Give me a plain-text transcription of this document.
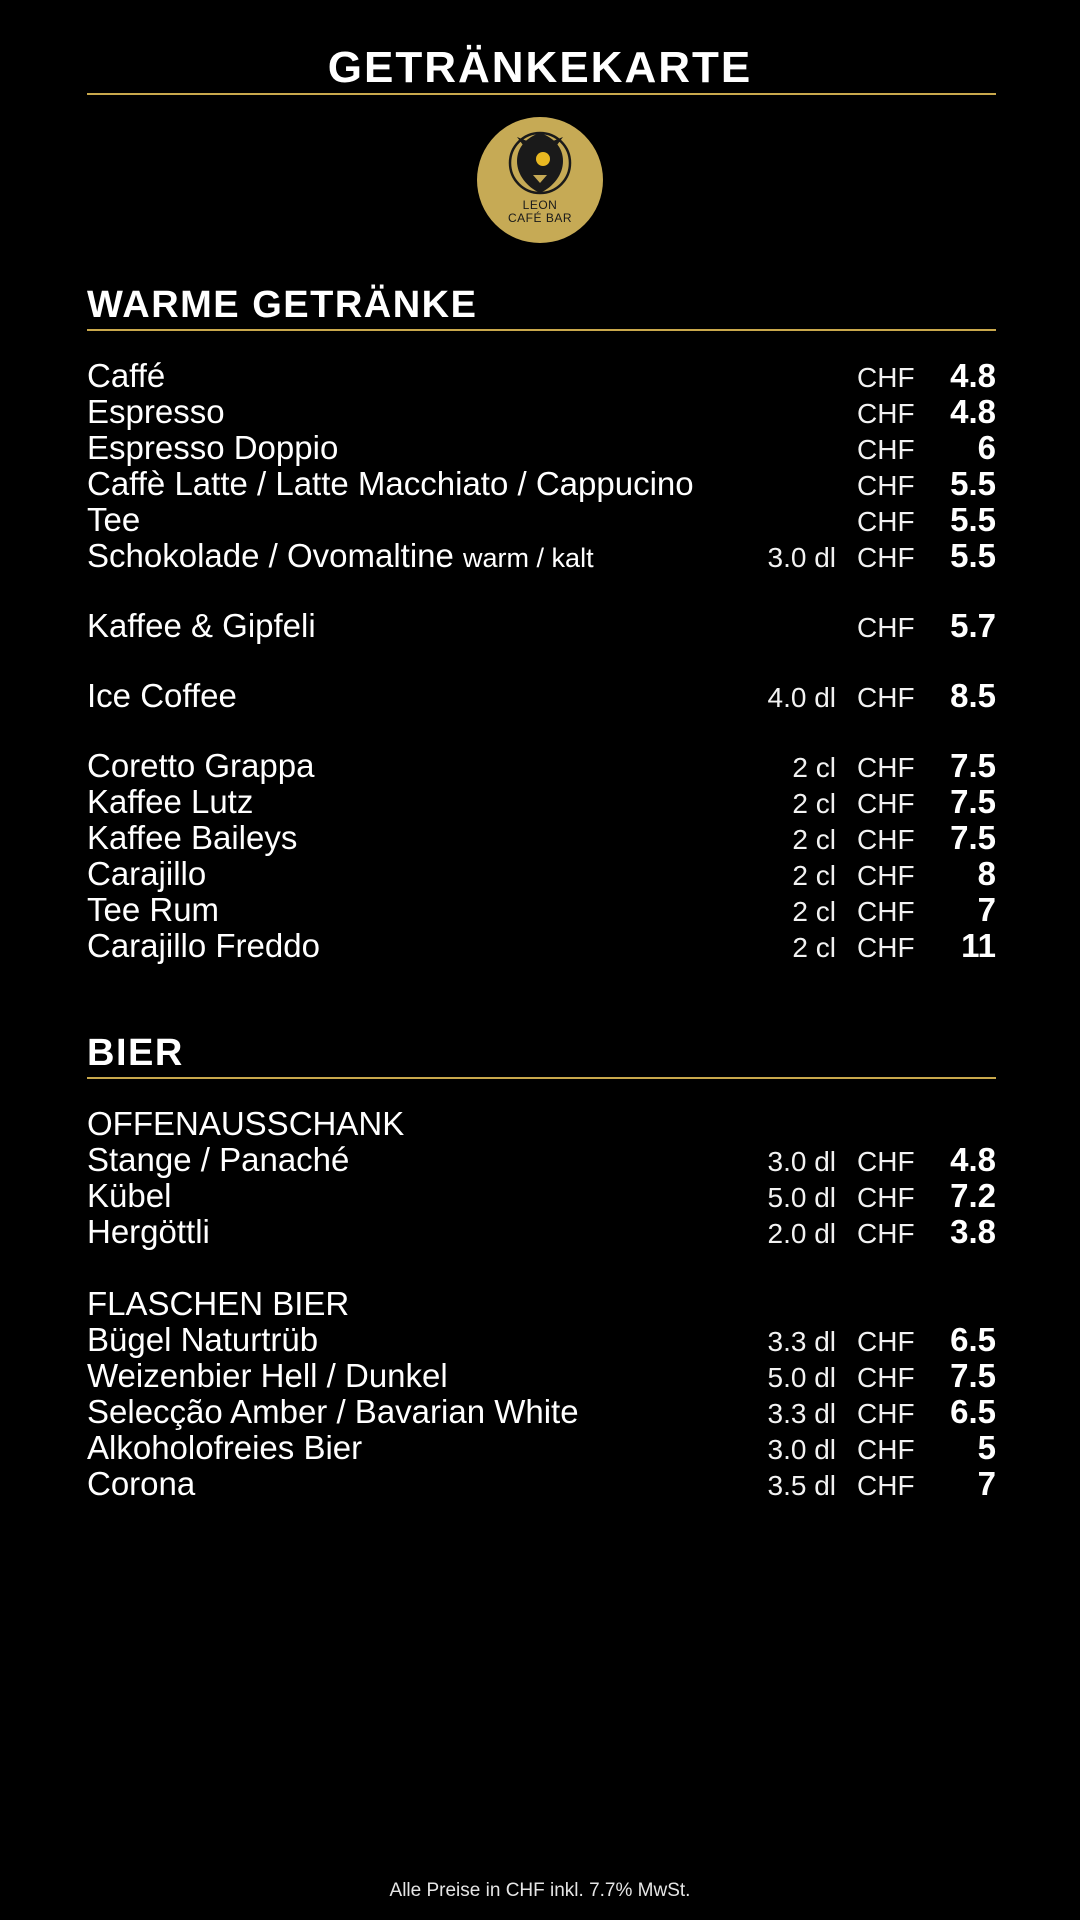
GETRÄNKEKARTE
LEON
CAFÉ BAR
WARME GETRÄNKE
Caffé	CHF 4.8
Espresso	CHF 4.8
Espresso Doppio	CHF 6
Caffè Latte / Latte Macchiato / Cappucino	CHF 5.5
Tee	CHF 5.5
Schokolade / Ovomaltine warm / kalt	3.0 dl CHF 5.5
Kaffee & Gipfeli	CHF 5.7
Ice Coffee	4.0 dl CHF 8.5
Coretto Grappa	2 cl CHF 7.5
Kaffee Lutz	2 cl CHF 7.5
Kaffee Baileys	2 cl CHF 7.5
Carajillo	2 cl CHF 8
Tee Rum	2 cl CHF 7
Carajillo Freddo	2 cl CHF 11
BIER
OFFENAUSSCHANK
Stange / Panaché	3.0 dl CHF 4.8
Kübel	5.0 dl CHF 7.2
Hergöttli	2.0 dl CHF 3.8
FLASCHEN BIER
Bügel Naturtrüb	3.3 dl CHF 6.5
Weizenbier Hell / Dunkel	5.0 dl CHF 7.5
Selecção Amber / Bavarian White	3.3 dl CHF 6.5
Alkoholofreies Bier	3.0 dl CHF 5
Corona	3.5 dl CHF 7
Alle Preise in CHF inkl. 7.7% MwSt.
